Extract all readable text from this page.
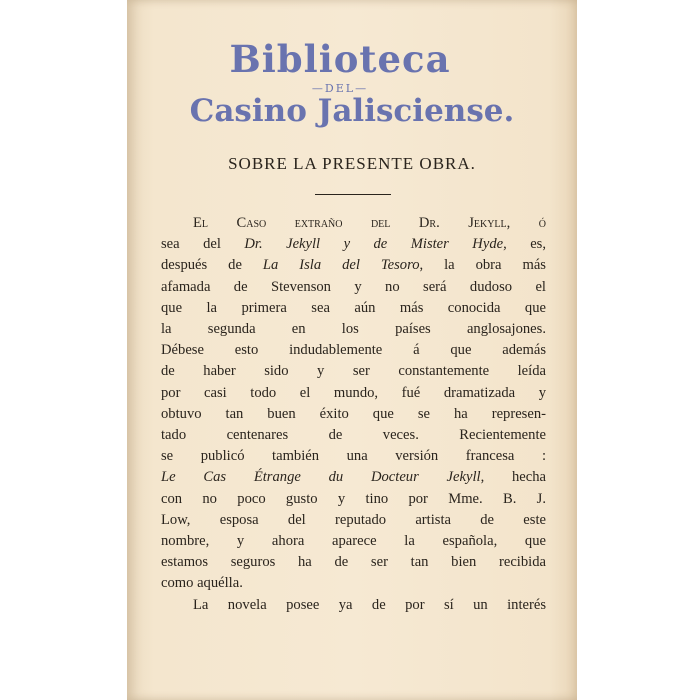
Biblioteca
—DEL—
Casino Jalisciense.
SOBRE LA PRESENTE OBRA.
El Caso extraño del Dr. Jekyll, ó
sea del Dr. Jekyll y de Mister Hyde, es,
después de La Isla del Tesoro, la obra más
afamada de Stevenson y no será dudoso el
que la primera sea aún más conocida que
la segunda en los países anglosajones.
Débese esto indudablemente á que además
de haber sido y ser constantemente leída
por casi todo el mundo, fué dramatizada y
obtuvo tan buen éxito que se ha represen-
tado centenares de veces. Recientemente
se publicó también una versión francesa :
Le Cas Étrange du Docteur Jekyll, hecha
con no poco gusto y tino por Mme. B. J.
Low, esposa del reputado artista de este
nombre, y ahora aparece la española, que
estamos seguros ha de ser tan bien recibida
como aquélla.
La novela posee ya de por sí un interés
